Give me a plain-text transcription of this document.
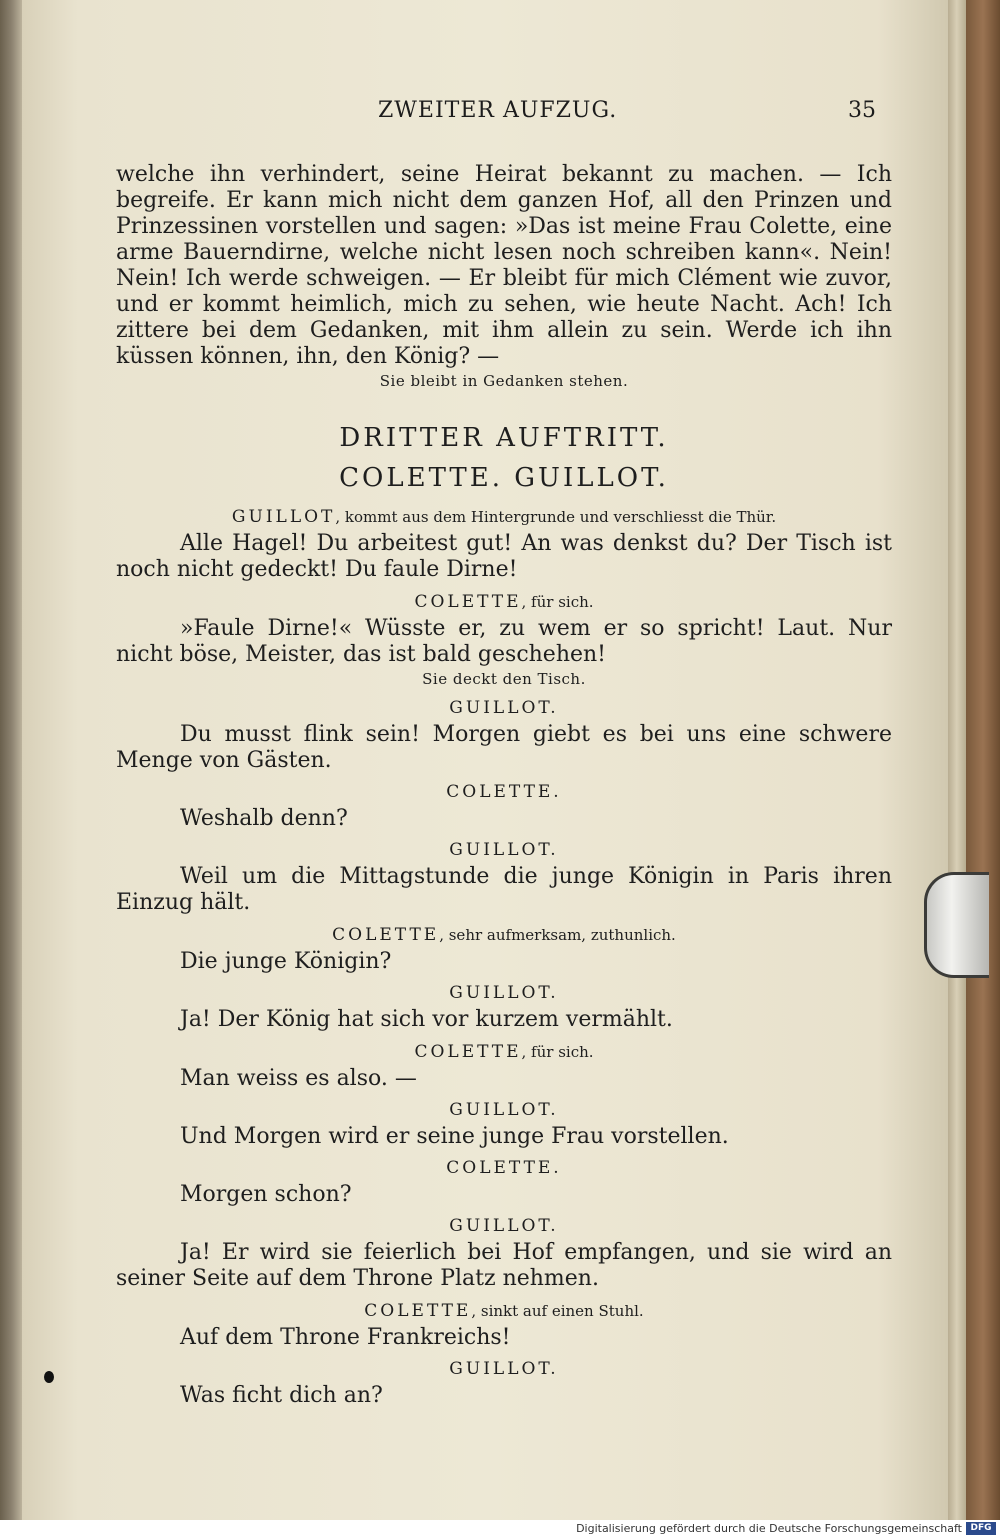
ZWEITER AUFZUG.	35

welche ihn verhindert, seine Heirat bekannt zu machen. — Ich begreife. Er kann mich nicht dem ganzen Hof, all den Prinzen und Prinzessinen vorstellen und sagen: »Das ist meine Frau Colette, eine arme Bauerndirne, welche nicht lesen noch schreiben kann«. Nein! Nein! Ich werde schweigen. — Er bleibt für mich Clément wie zuvor, und er kommt heimlich, mich zu sehen, wie heute Nacht. Ach! Ich zittere bei dem Gedanken, mit ihm allein zu sein. Werde ich ihn küssen können, ihn, den König? —

Sie bleibt in Gedanken stehen.

DRITTER AUFTRITT.
COLETTE. GUILLOT.
GUILLOT, kommt aus dem Hintergrunde und verschliesst die Thür.

Alle Hagel! Du arbeitest gut! An was denkst du? Der Tisch ist noch nicht gedeckt! Du faule Dirne!

COLETTE, für sich.

»Faule Dirne!« Wüsste er, zu wem er so spricht! Laut. Nur nicht böse, Meister, das ist bald geschehen!

Sie deckt den Tisch.

GUILLOT.

Du musst flink sein! Morgen giebt es bei uns eine schwere Menge von Gästen.

COLETTE.

Weshalb denn?

GUILLOT.

Weil um die Mittagstunde die junge Königin in Paris ihren Einzug hält.

COLETTE, sehr aufmerksam, zuthunlich.

Die junge Königin?

GUILLOT.

Ja! Der König hat sich vor kurzem vermählt.

COLETTE, für sich.

Man weiss es also. —

GUILLOT.

Und Morgen wird er seine junge Frau vorstellen.

COLETTE.

Morgen schon?

GUILLOT.

Ja! Er wird sie feierlich bei Hof empfangen, und sie wird an seiner Seite auf dem Throne Platz nehmen.

COLETTE, sinkt auf einen Stuhl.

Auf dem Throne Frankreichs!

GUILLOT.

Was ficht dich an?

Digitalisierung gefördert durch die Deutsche Forschungsgemeinschaft DFG
